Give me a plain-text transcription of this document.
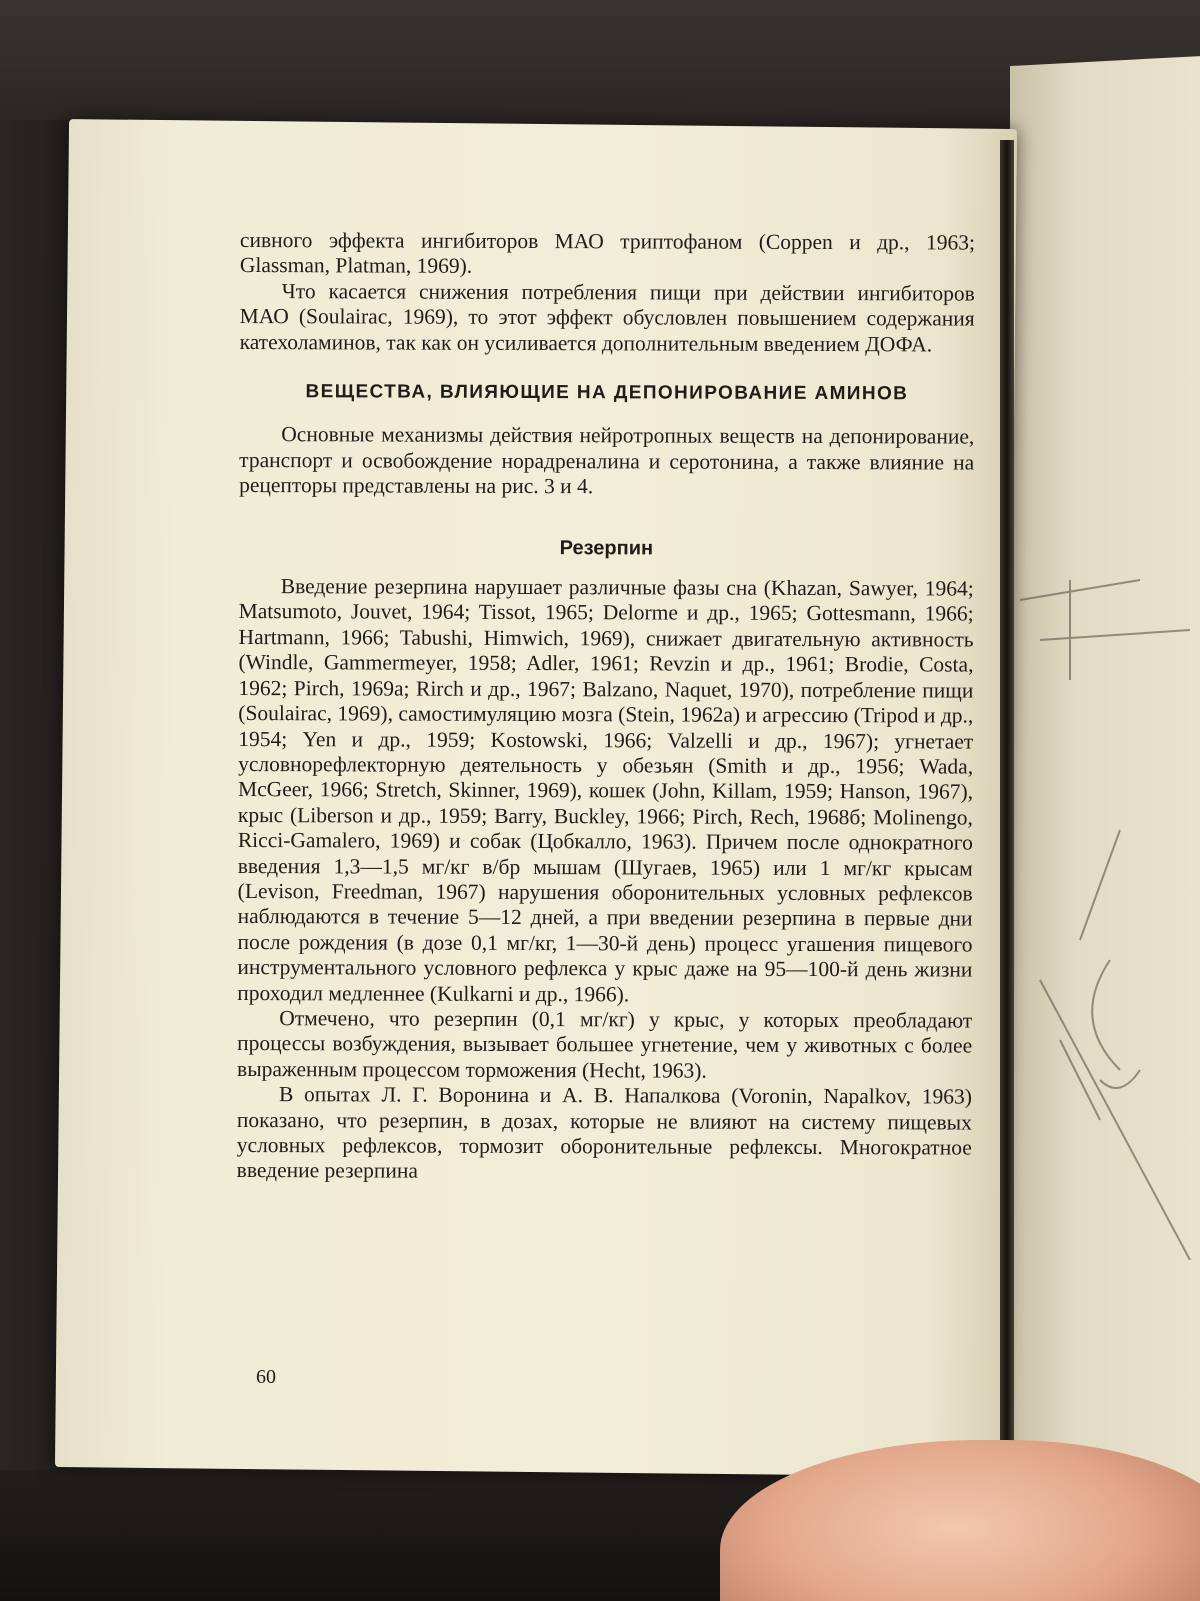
сивного эффекта ингибиторов МАО триптофаном (Coppen и др., 1963; Glassman, Platman, 1969).

Что касается снижения потребления пищи при действии ингибиторов МАО (Soulairac, 1969), то этот эффект обусловлен повышением содержания катехоламинов, так как он усиливается дополнительным введением ДОФА.

ВЕЩЕСТВА, ВЛИЯЮЩИЕ НА ДЕПОНИРОВАНИЕ АМИНОВ

Основные механизмы действия нейротропных веществ на депонирование, транспорт и освобождение норадреналина и серотонина, а также влияние на рецепторы представлены на рис. 3 и 4.

Резерпин

Введение резерпина нарушает различные фазы сна (Khazan, Sawyer, 1964; Matsumoto, Jouvet, 1964; Tissot, 1965; Delorme и др., 1965; Gottesmann, 1966; Hartmann, 1966; Tabushi, Himwich, 1969), снижает двигательную активность (Windle, Gammermeyer, 1958; Adler, 1961; Revzin и др., 1961; Brodie, Costa, 1962; Pirch, 1969a; Rirch и др., 1967; Balzano, Naquet, 1970), потребление пищи (Soulairac, 1969), самостимуляцию мозга (Stein, 1962a) и агрессию (Tripod и др., 1954; Yen и др., 1959; Kostowski, 1966; Valzelli и др., 1967); угнетает условнорефлекторную деятельность у обезьян (Smith и др., 1956; Wada, McGeer, 1966; Stretch, Skinner, 1969), кошек (John, Killam, 1959; Hanson, 1967), крыс (Liberson и др., 1959; Barry, Buckley, 1966; Pirch, Rech, 1968б; Molinengo, Ricci-Gamalero, 1969) и собак (Цобкалло, 1963). Причем после однократного введения 1,3—1,5 мг/кг в/бр мышам (Шугаев, 1965) или 1 мг/кг крысам (Levison, Freedman, 1967) нарушения оборонительных условных рефлексов наблюдаются в течение 5—12 дней, а при введении резерпина в первые дни после рождения (в дозе 0,1 мг/кг, 1—30-й день) процесс угашения пищевого инструментального условного рефлекса у крыс даже на 95—100-й день жизни проходил медленнее (Kulkarni и др., 1966).

Отмечено, что резерпин (0,1 мг/кг) у крыс, у которых преобладают процессы возбуждения, вызывает большее угнетение, чем у животных с более выраженным процессом торможения (Hecht, 1963).

В опытах Л. Г. Воронина и А. В. Напалкова (Voronin, Napalkov, 1963) показано, что резерпин, в дозах, которые не влияют на систему пищевых условных рефлексов, тормозит оборонительные рефлексы. Многократное введение резерпина

60
